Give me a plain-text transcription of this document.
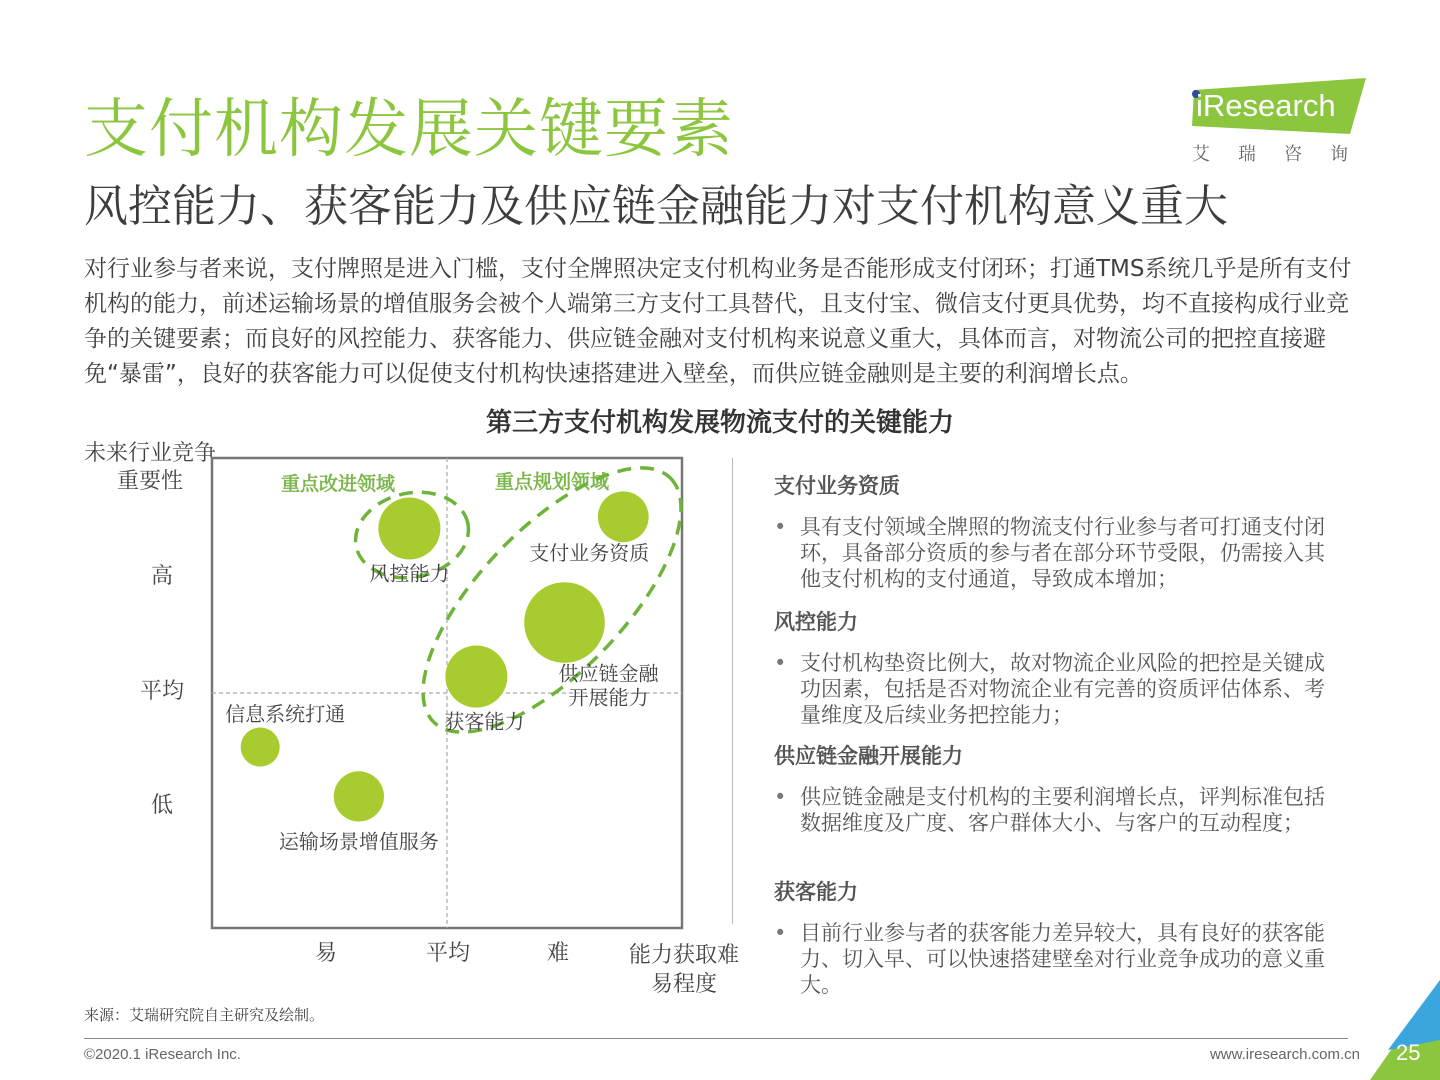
支付机构发展关键要素
风控能力、获客能力及供应链金融能力对支付机构意义重大
iResearch
艾瑞咨询
对行业参与者来说，支付牌照是进入门槛，支付全牌照决定支付机构业务是否能形成支付闭环；打通TMS系统几乎是所有支付机构的能力，前述运输场景的增值服务会被个人端第三方支付工具替代，且支付宝、微信支付更具优势，均不直接构成行业竞争的关键要素；而良好的风控能力、获客能力、供应链金融对支付机构来说意义重大，具体而言，对物流公司的把控直接避免“暴雷”，良好的获客能力可以促使支付机构快速搭建进入壁垒，而供应链金融则是主要的利润增长点。
第三方支付机构发展物流支付的关键能力
重点改进领域	重点规划领域
风控能力
支付业务资质
供应链金融开展能力
获客能力
信息系统打通
运输场景增值服务
未来行业竞争重要性
高
平均
低
易	平均	难	能力获取难易程度
支付业务资质
• 具有支付领域全牌照的物流支付行业参与者可打通支付闭环，具备部分资质的参与者在部分环节受限，仍需接入其他支付机构的支付通道，导致成本增加；
风控能力
• 支付机构垫资比例大，故对物流企业风险的把控是关键成功因素，包括是否对物流企业有完善的资质评估体系、考量维度及后续业务把控能力；
供应链金融开展能力
• 供应链金融是支付机构的主要利润增长点，评判标准包括数据维度及广度、客户群体大小、与客户的互动程度；
获客能力
• 目前行业参与者的获客能力差异较大，具有良好的获客能力、切入早、可以快速搭建壁垒对行业竞争成功的意义重大。
来源：艾瑞研究院自主研究及绘制。
©2020.1 iResearch Inc.	www.iresearch.com.cn 25
